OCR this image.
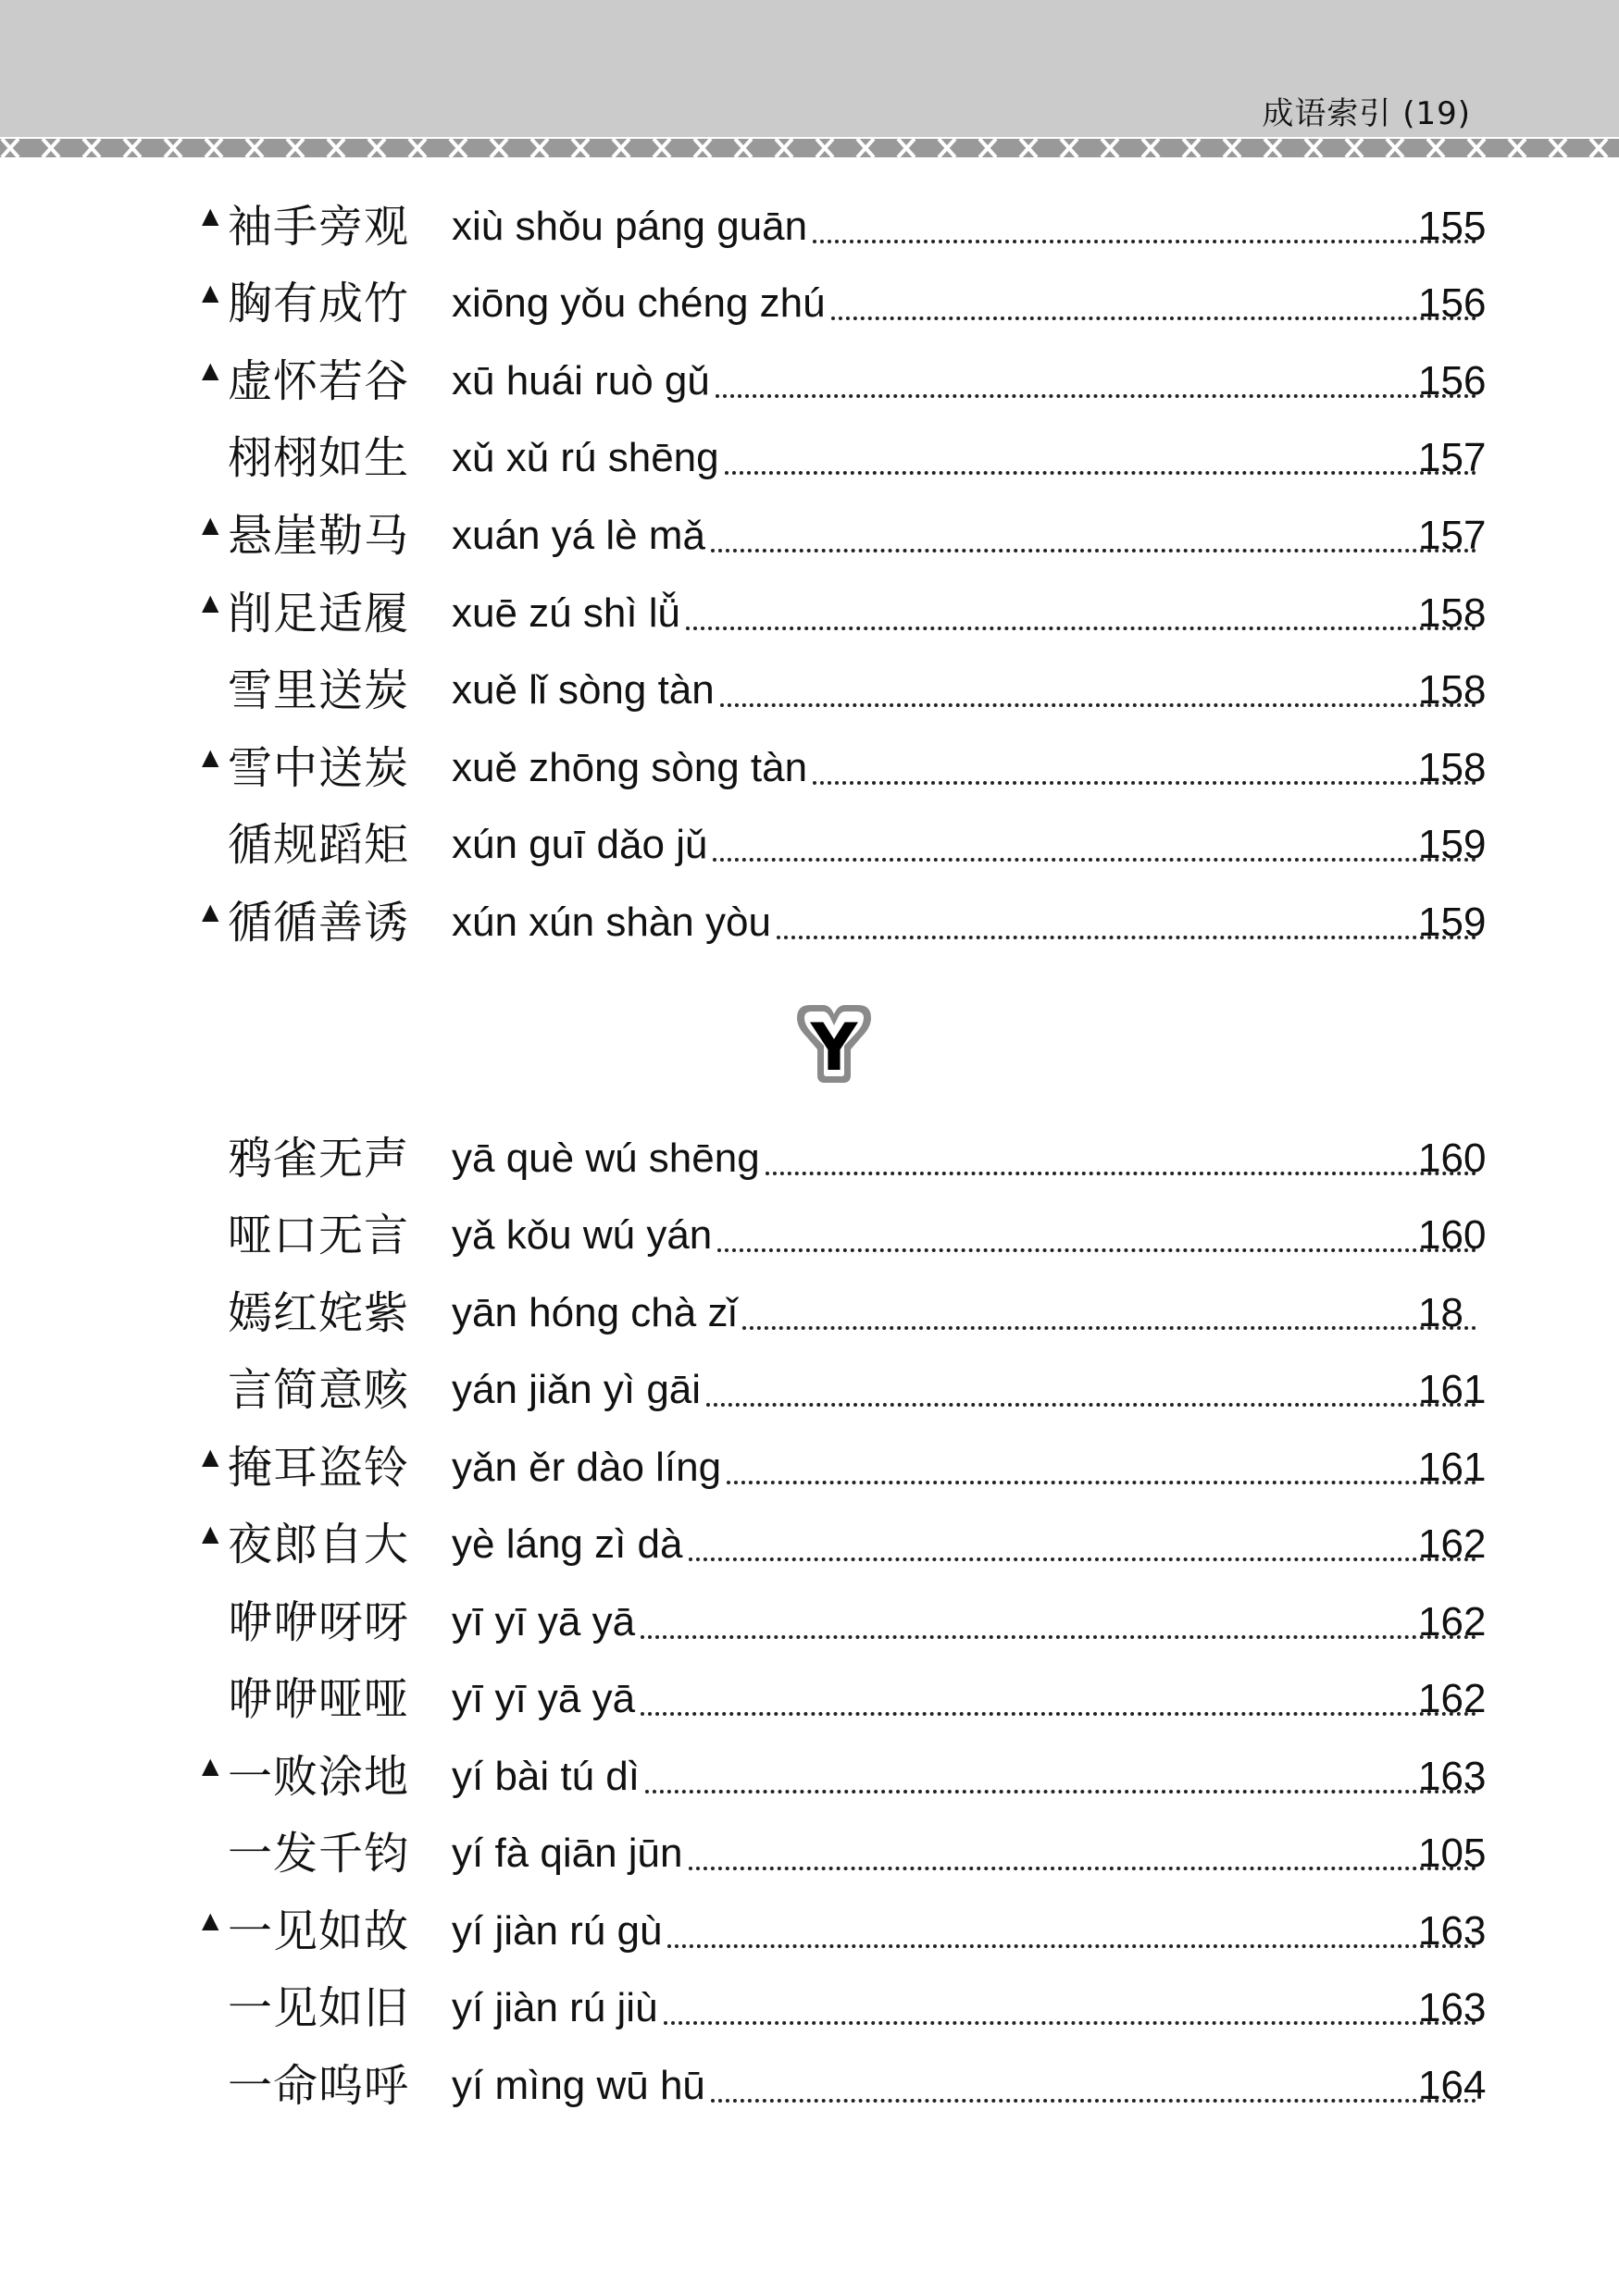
成语索引 (19)
▲ 袖手旁观 xiù shǒu páng guān	155
▲ 胸有成竹 xiōng yǒu chéng zhú	156
▲ 虚怀若谷 xū huái ruò gǔ	156
栩栩如生 xǔ xǔ rú shēng	157
▲ 悬崖勒马 xuán yá lè mǎ	157
▲ 削足适履 xuē zú shì lǚ	158
雪里送炭 xuě lǐ sòng tàn	158
▲ 雪中送炭 xuě zhōng sòng tàn	158
循规蹈矩 xún guī dǎo jǔ	159
▲ 循循善诱 xún xún shàn yòu	159
Y
鸦雀无声 yā què wú shēng	160
哑口无言 yǎ kǒu wú yán	160
嫣红姹紫 yān hóng chà zǐ	18
言简意赅 yán jiǎn yì gāi	161
▲ 掩耳盗铃 yǎn ěr dào líng	161
▲ 夜郎自大 yè láng zì dà	162
咿咿呀呀 yī yī yā yā	162
咿咿哑哑 yī yī yā yā	162
▲ 一败涂地 yí bài tú dì	163
一发千钧 yí fà qiān jūn	105
▲ 一见如故 yí jiàn rú gù	163
一见如旧 yí jiàn rú jiù	163
一命呜呼 yí mìng wū hū	164
